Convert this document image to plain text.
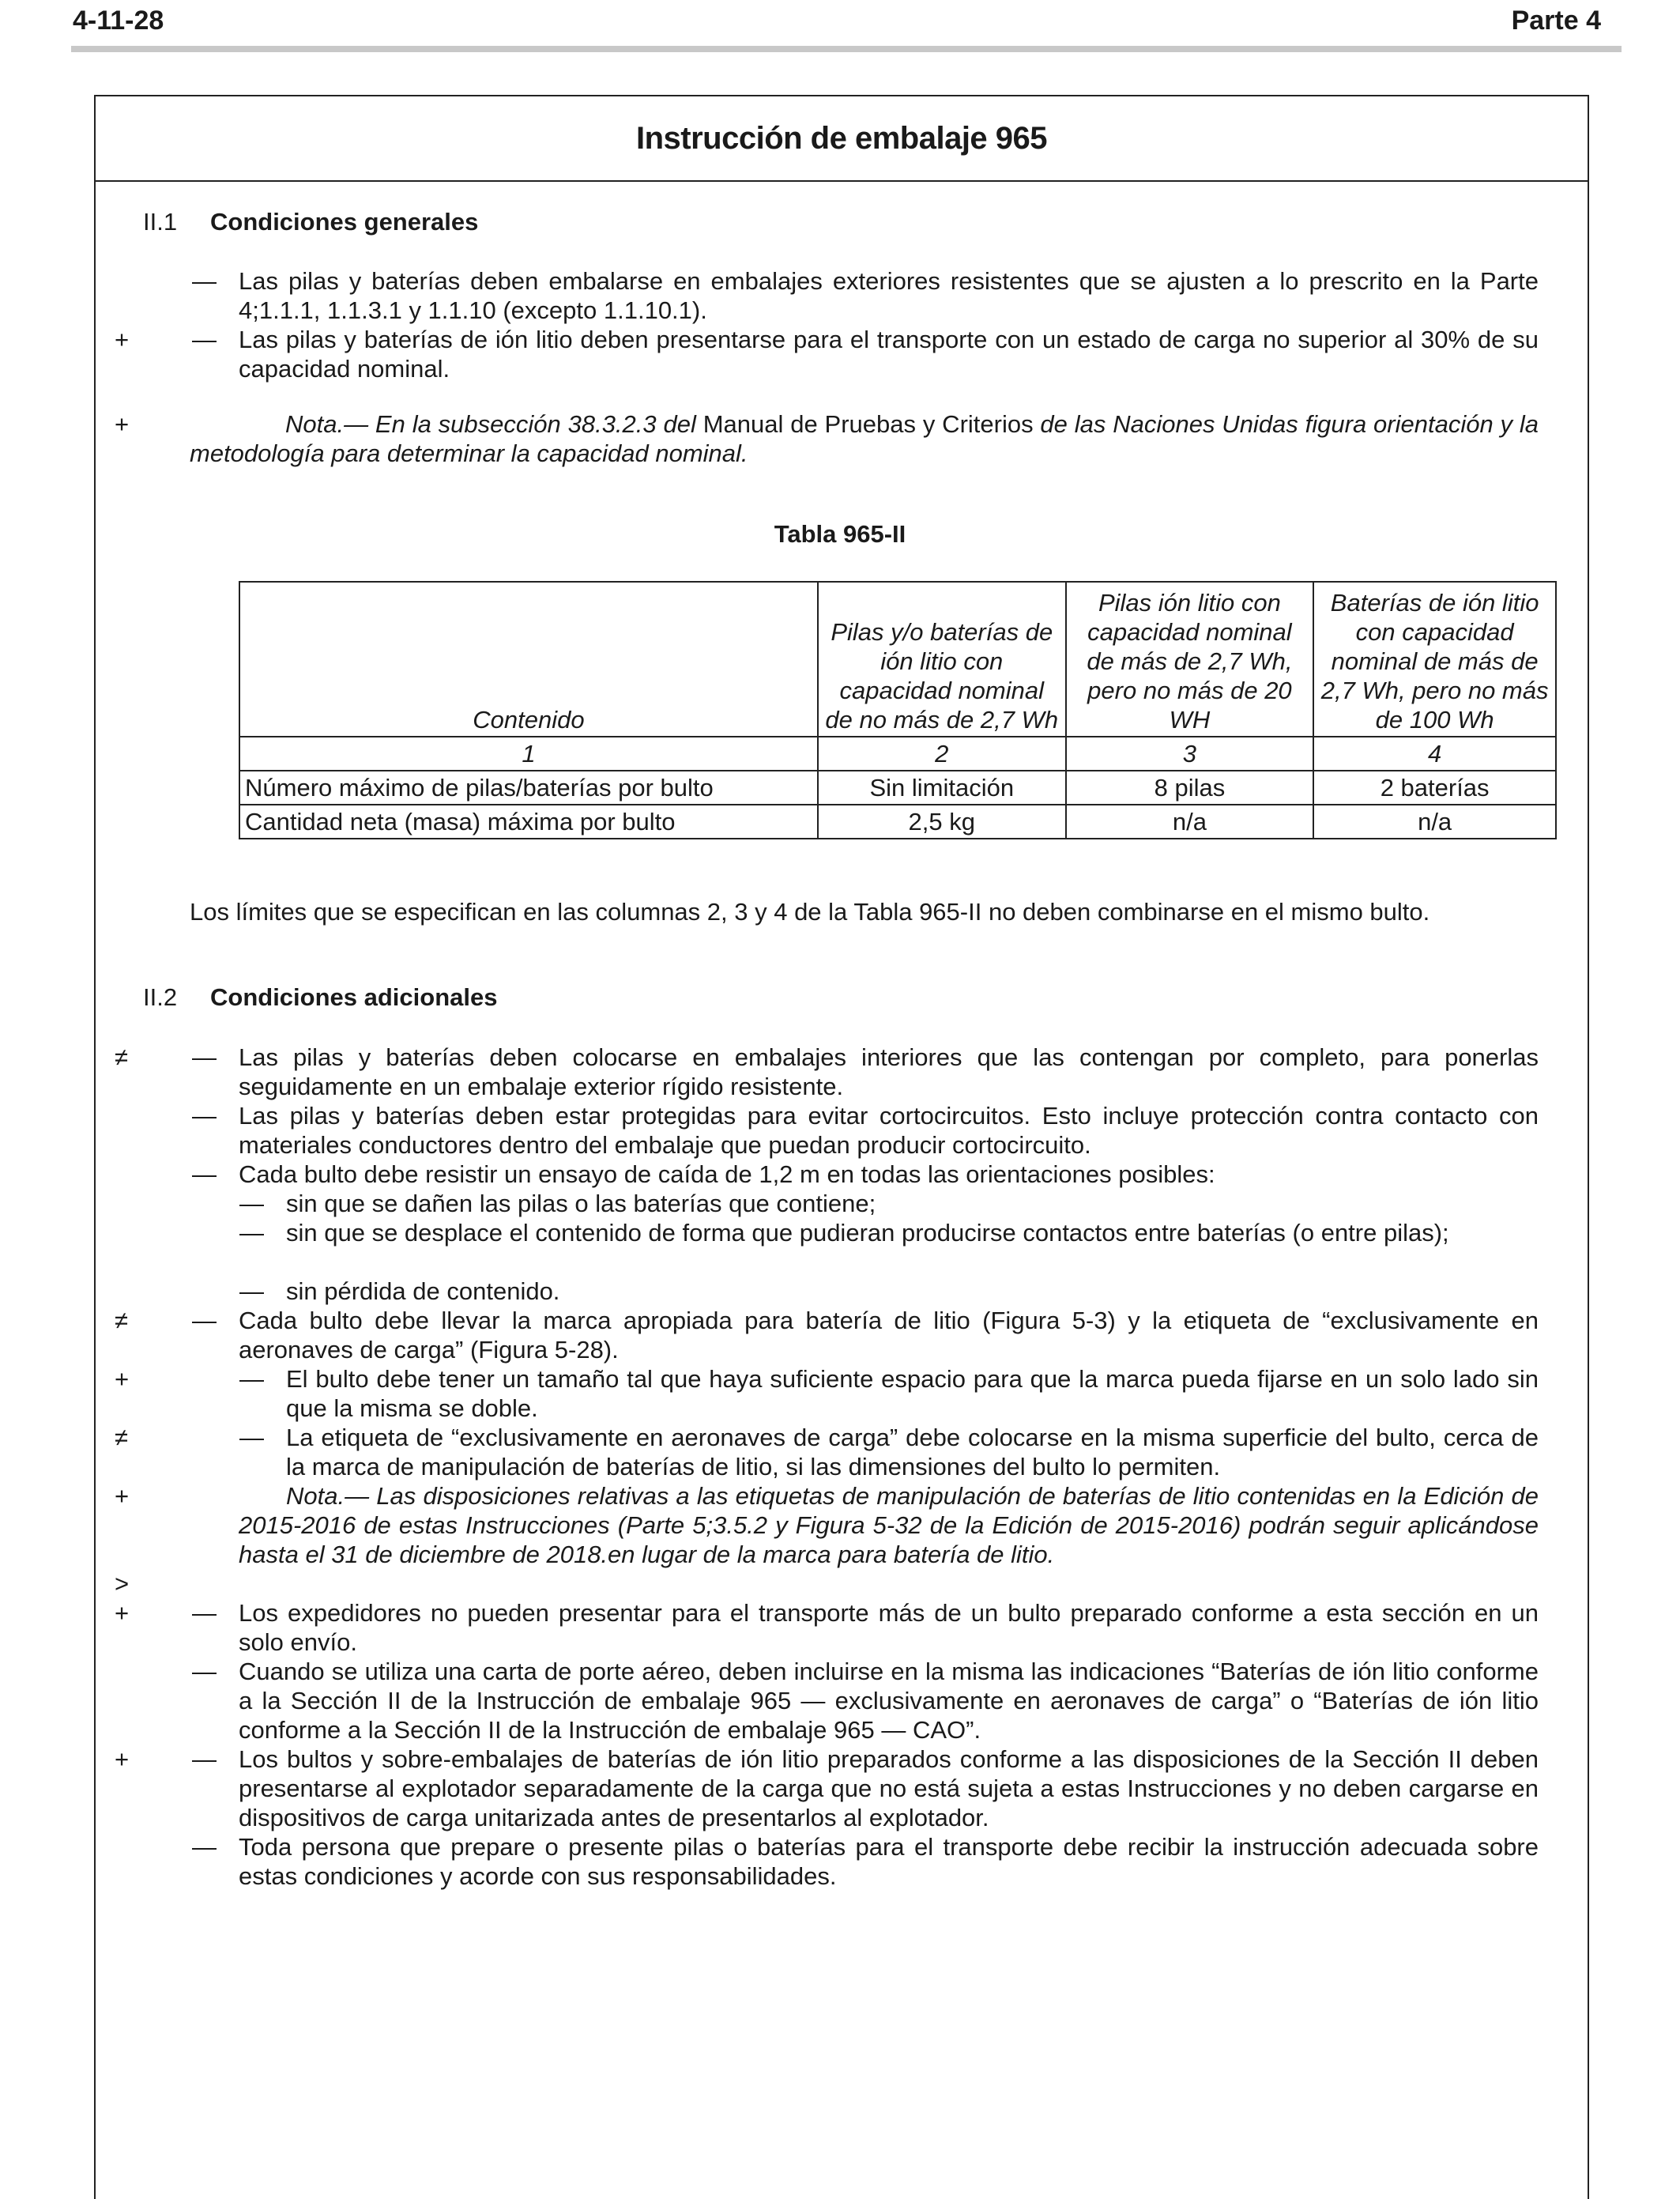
4-11-28	Parte 4
Instrucción de embalaje 965
II.1 Condiciones generales
— Las pilas y baterías deben embalarse en embalajes exteriores resistentes que se ajusten a lo prescrito en la Parte 4;1.1.1, 1.1.3.1 y 1.1.10 (excepto 1.1.10.1).
+	— Las pilas y baterías de ión litio deben presentarse para el transporte con un estado de carga no superior al 30% de su capacidad nominal.
+	Nota.— En la subsección 38.3.2.3 del Manual de Pruebas y Criterios de las Naciones Unidas figura orientación y la metodología para determinar la capacidad nominal.
Tabla 965-II
Contenido	Pilas y/o baterías de ión litio con capacidad nominal de no más de 2,7 Wh	Pilas ión litio con capacidad nominal de más de 2,7 Wh, pero no más de 20 WH	Baterías de ión litio con capacidad nominal de más de 2,7 Wh, pero no más de 100 Wh
1	2	3	4
Número máximo de pilas/baterías por bulto	Sin limitación	8 pilas	2 baterías
Cantidad neta (masa) máxima por bulto	2,5 kg	n/a	n/a
Los límites que se especifican en las columnas 2, 3 y 4 de la Tabla 965-II no deben combinarse en el mismo bulto.
II.2 Condiciones adicionales
≠	— Las pilas y baterías deben colocarse en embalajes interiores que las contengan por completo, para ponerlas seguidamente en un embalaje exterior rígido resistente.
— Las pilas y baterías deben estar protegidas para evitar cortocircuitos. Esto incluye protección contra contacto con materiales conductores dentro del embalaje que puedan producir cortocircuito.
— Cada bulto debe resistir un ensayo de caída de 1,2 m en todas las orientaciones posibles:
— sin que se dañen las pilas o las baterías que contiene;
— sin que se desplace el contenido de forma que pudieran producirse contactos entre baterías (o entre pilas);
— sin pérdida de contenido.
≠	— Cada bulto debe llevar la marca apropiada para batería de litio (Figura 5-3) y la etiqueta de “exclusivamente en aeronaves de carga” (Figura 5-28).
+	— El bulto debe tener un tamaño tal que haya suficiente espacio para que la marca pueda fijarse en un solo lado sin que la misma se doble.
≠	— La etiqueta de “exclusivamente en aeronaves de carga” debe colocarse en la misma superficie del bulto, cerca de la marca de manipulación de baterías de litio, si las dimensiones del bulto lo permiten.
+	Nota.— Las disposiciones relativas a las etiquetas de manipulación de baterías de litio contenidas en la Edición de 2015-2016 de estas Instrucciones (Parte 5;3.5.2 y Figura 5-32 de la Edición de 2015-2016) podrán seguir aplicándose hasta el 31 de diciembre de 2018.en lugar de la marca para batería de litio.
>
+	— Los expedidores no pueden presentar para el transporte más de un bulto preparado conforme a esta sección en un solo envío.
— Cuando se utiliza una carta de porte aéreo, deben incluirse en la misma las indicaciones “Baterías de ión litio conforme a la Sección II de la Instrucción de embalaje 965 — exclusivamente en aeronaves de carga” o “Baterías de ión litio conforme a la Sección II de la Instrucción de embalaje 965 — CAO”.
+	— Los bultos y sobre-embalajes de baterías de ión litio preparados conforme a las disposiciones de la Sección II deben presentarse al explotador separadamente de la carga que no está sujeta a estas Instrucciones y no deben cargarse en dispositivos de carga unitarizada antes de presentarlos al explotador.
— Toda persona que prepare o presente pilas o baterías para el transporte debe recibir la instrucción adecuada sobre estas condiciones y acorde con sus responsabilidades.
